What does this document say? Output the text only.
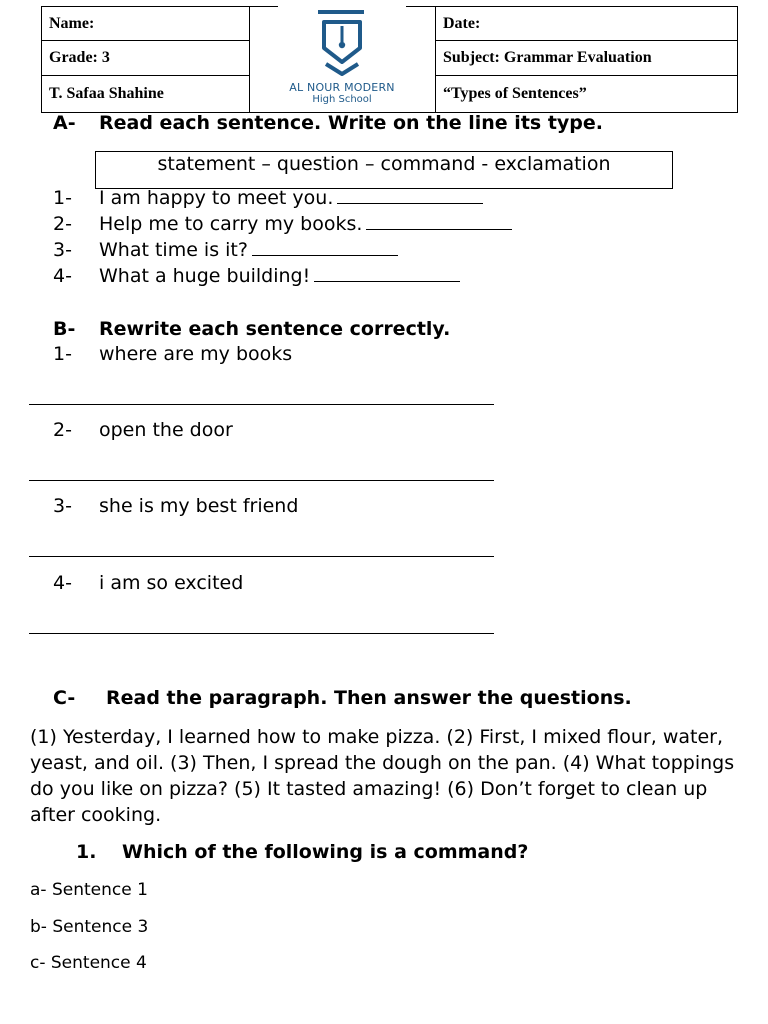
Name:
Grade: 3
T. Safaa Shahine
Date:
Subject: Grammar Evaluation
“Types of Sentences”
AL NOUR MODERN
High School
A- Read each sentence. Write on the line its type.
statement – question – command - exclamation
1- I am happy to meet you.
2- Help me to carry my books.
3- What time is it?
4- What a huge building!
B- Rewrite each sentence correctly.
1- where are my books
2- open the door
3- she is my best friend
4- i am so excited
C- Read the paragraph. Then answer the questions.
(1) Yesterday, I learned how to make pizza. (2) First, I mixed flour, water, yeast, and oil. (3) Then, I spread the dough on the pan. (4) What toppings do you like on pizza? (5) It tasted amazing! (6) Don’t forget to clean up after cooking.
1. Which of the following is a command?
a- Sentence 1
b- Sentence 3
c- Sentence 4
